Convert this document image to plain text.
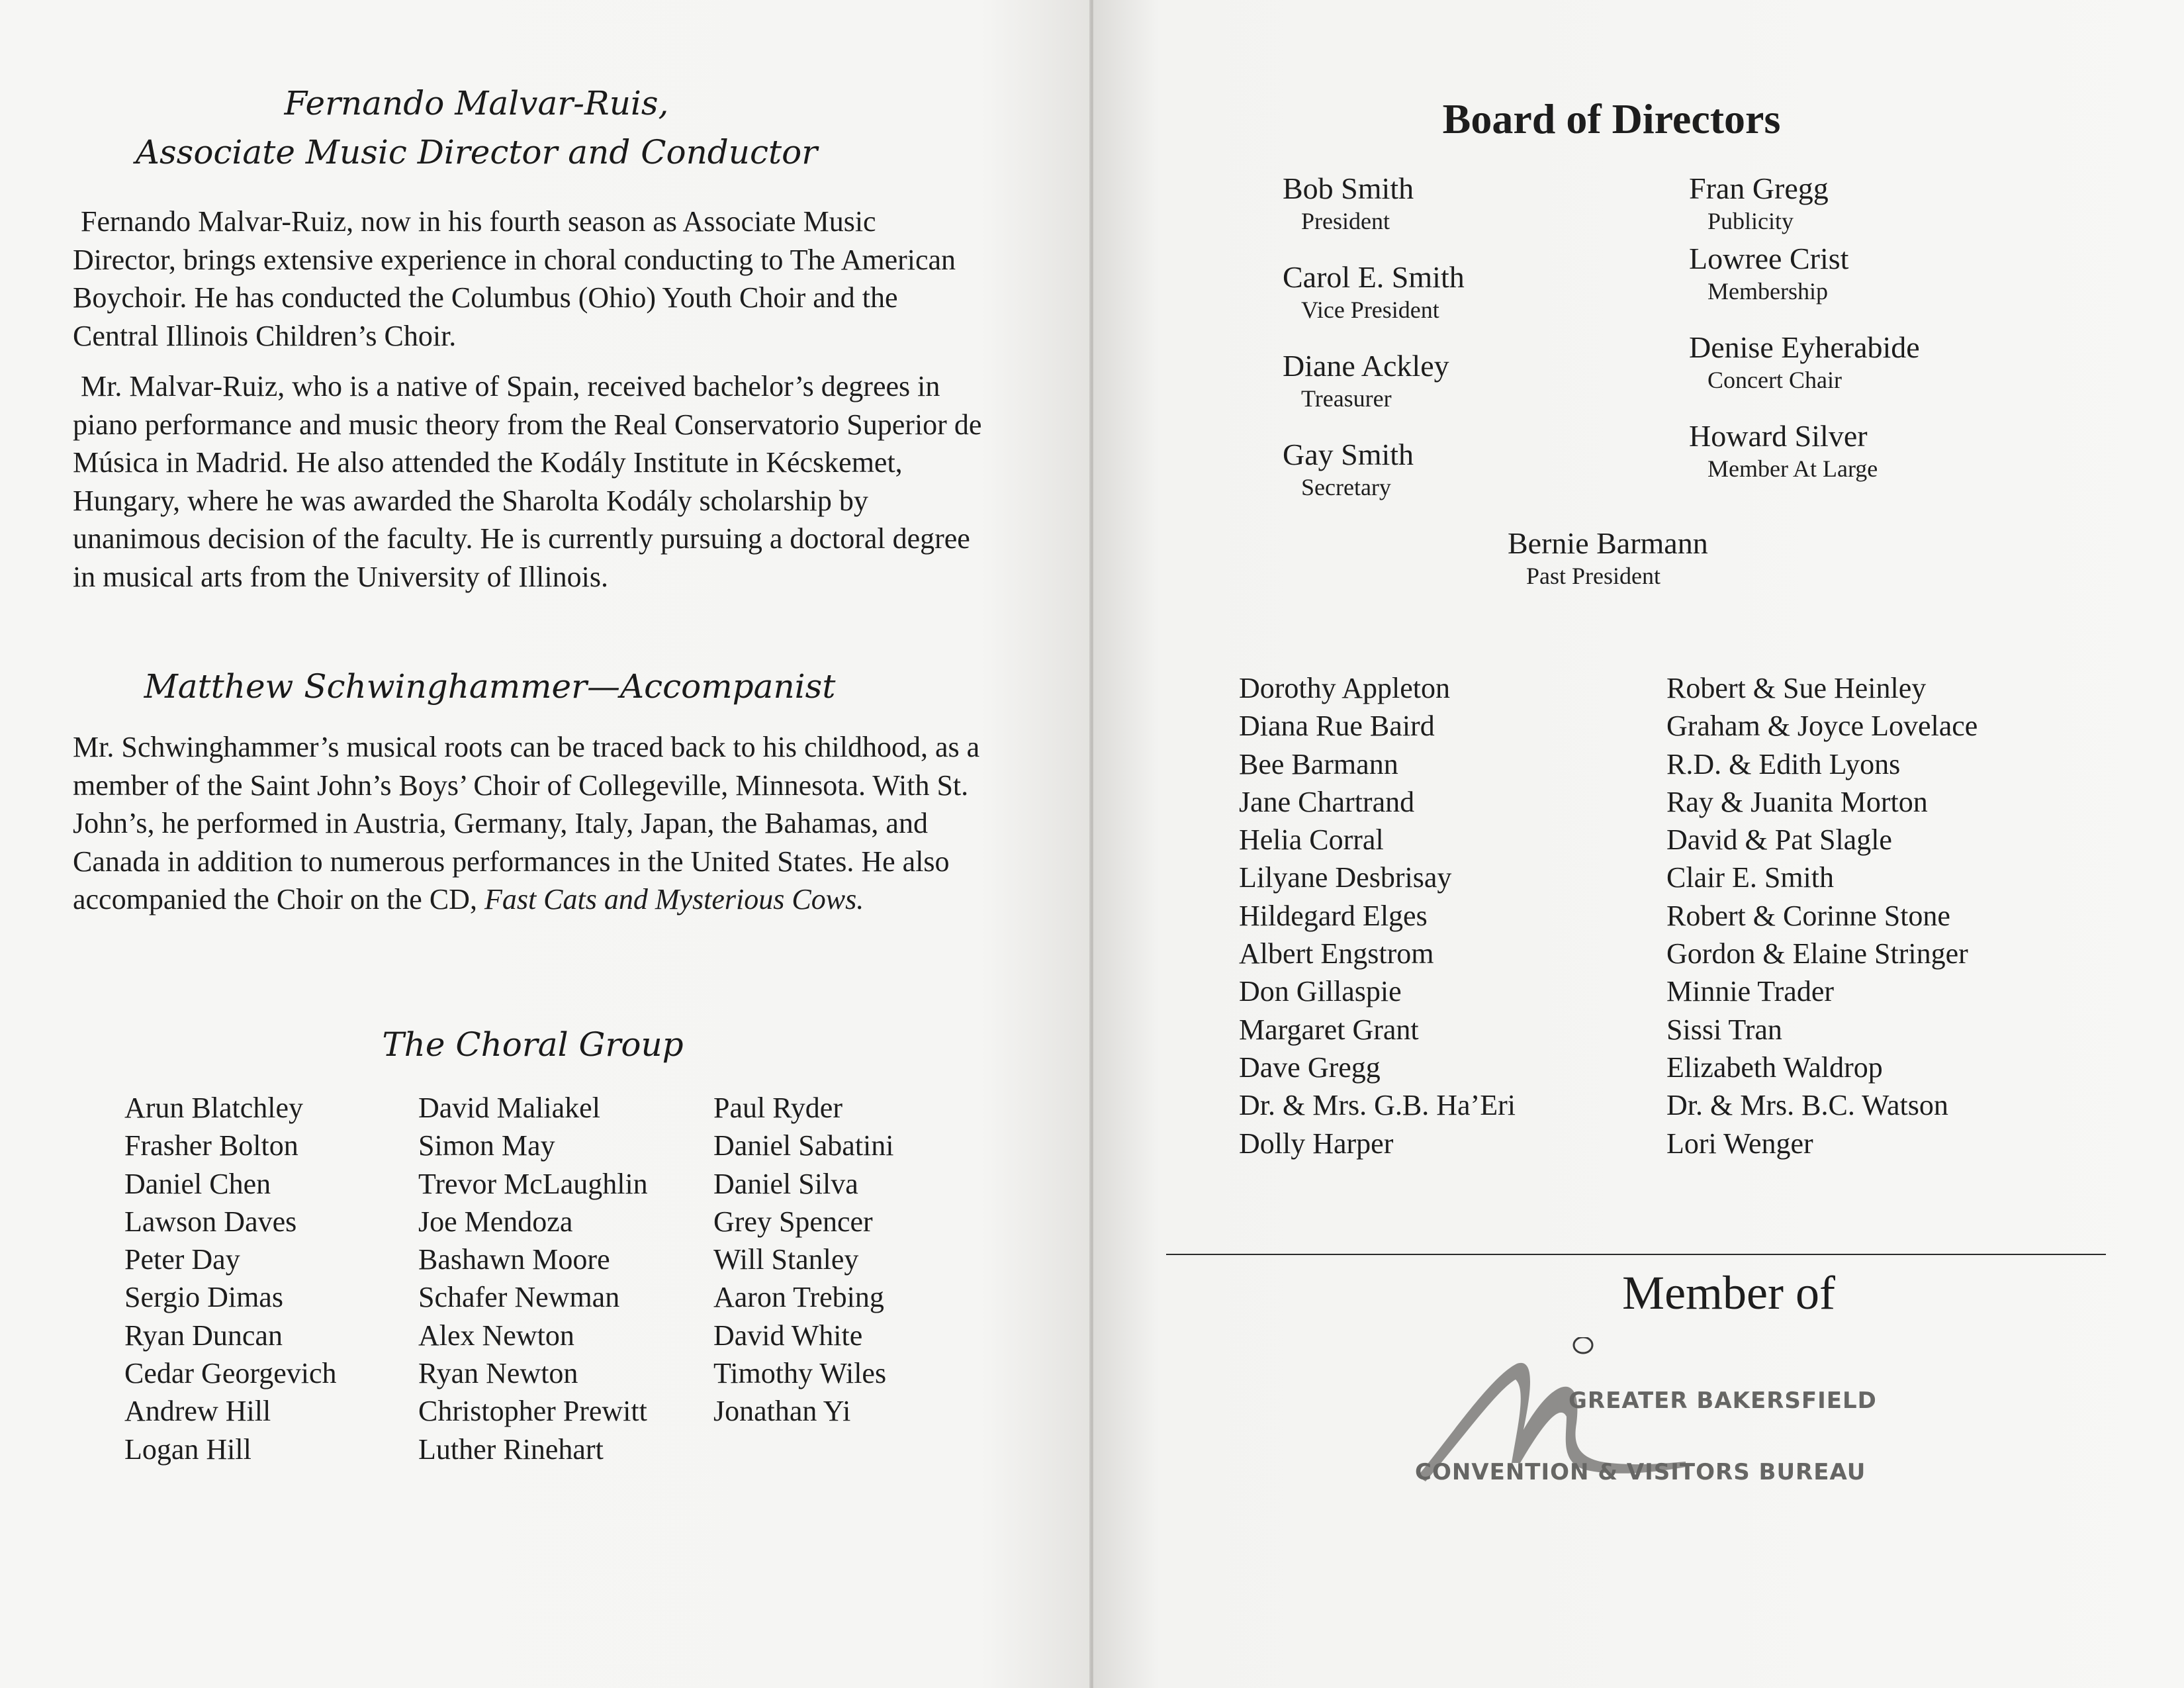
Fernando Malvar-Ruis,
Associate Music Director and Conductor

Fernando Malvar-Ruiz, now in his fourth season as Associate Music Director, brings extensive experience in choral conducting to The American Boychoir. He has conducted the Columbus (Ohio) Youth Choir and the Central Illinois Children’s Choir.

Mr. Malvar-Ruiz, who is a native of Spain, received bachelor’s degrees in piano performance and music theory from the Real Conservatorio Superior de Música in Madrid. He also attended the Kodály Institute in Kécskemet, Hungary, where he was awarded the Sharolta Kodály scholarship by unanimous decision of the faculty. He is currently pursuing a doctoral degree in musical arts from the University of Illinois.

Matthew Schwinghammer—Accompanist

Mr. Schwinghammer’s musical roots can be traced back to his childhood, as a member of the Saint John’s Boys’ Choir of Collegeville, Minnesota. With St. John’s, he performed in Austria, Germany, Italy, Japan, the Bahamas, and Canada in addition to numerous performances in the United States. He also accompanied the Choir on the CD, Fast Cats and Mysterious Cows.

The Choral Group
Arun Blatchley
Frasher Bolton
Daniel Chen
Lawson Daves
Peter Day
Sergio Dimas
Ryan Duncan
Cedar Georgevich
Andrew Hill
Logan Hill
David Maliakel
Simon May
Trevor McLaughlin
Joe Mendoza
Bashawn Moore
Schafer Newman
Alex Newton
Ryan Newton
Christopher Prewitt
Luther Rinehart
Paul Ryder
Daniel Sabatini
Daniel Silva
Grey Spencer
Will Stanley
Aaron Trebing
David White
Timothy Wiles
Jonathan Yi
Board of Directors
Bob Smith
President
Carol E. Smith
Vice President
Diane Ackley
Treasurer
Gay Smith
Secretary
Fran Gregg
Publicity
Lowree Crist
Membership
Denise Eyherabide
Concert Chair
Howard Silver
Member At Large
Bernie Barmann
Past President
Dorothy Appleton
Diana Rue Baird
Bee Barmann
Jane Chartrand
Helia Corral
Lilyane Desbrisay
Hildegard Elges
Albert Engstrom
Don Gillaspie
Margaret Grant
Dave Gregg
Dr. & Mrs. G.B. Ha’Eri
Dolly Harper
Robert & Sue Heinley
Graham & Joyce Lovelace
R.D. & Edith Lyons
Ray & Juanita Morton
David & Pat Slagle
Clair E. Smith
Robert & Corinne Stone
Gordon & Elaine Stringer
Minnie Trader
Sissi Tran
Elizabeth Waldrop
Dr. & Mrs. B.C. Watson
Lori Wenger
Member of
GREATER BAKERSFIELD
CONVENTION & VISITORS BUREAU
